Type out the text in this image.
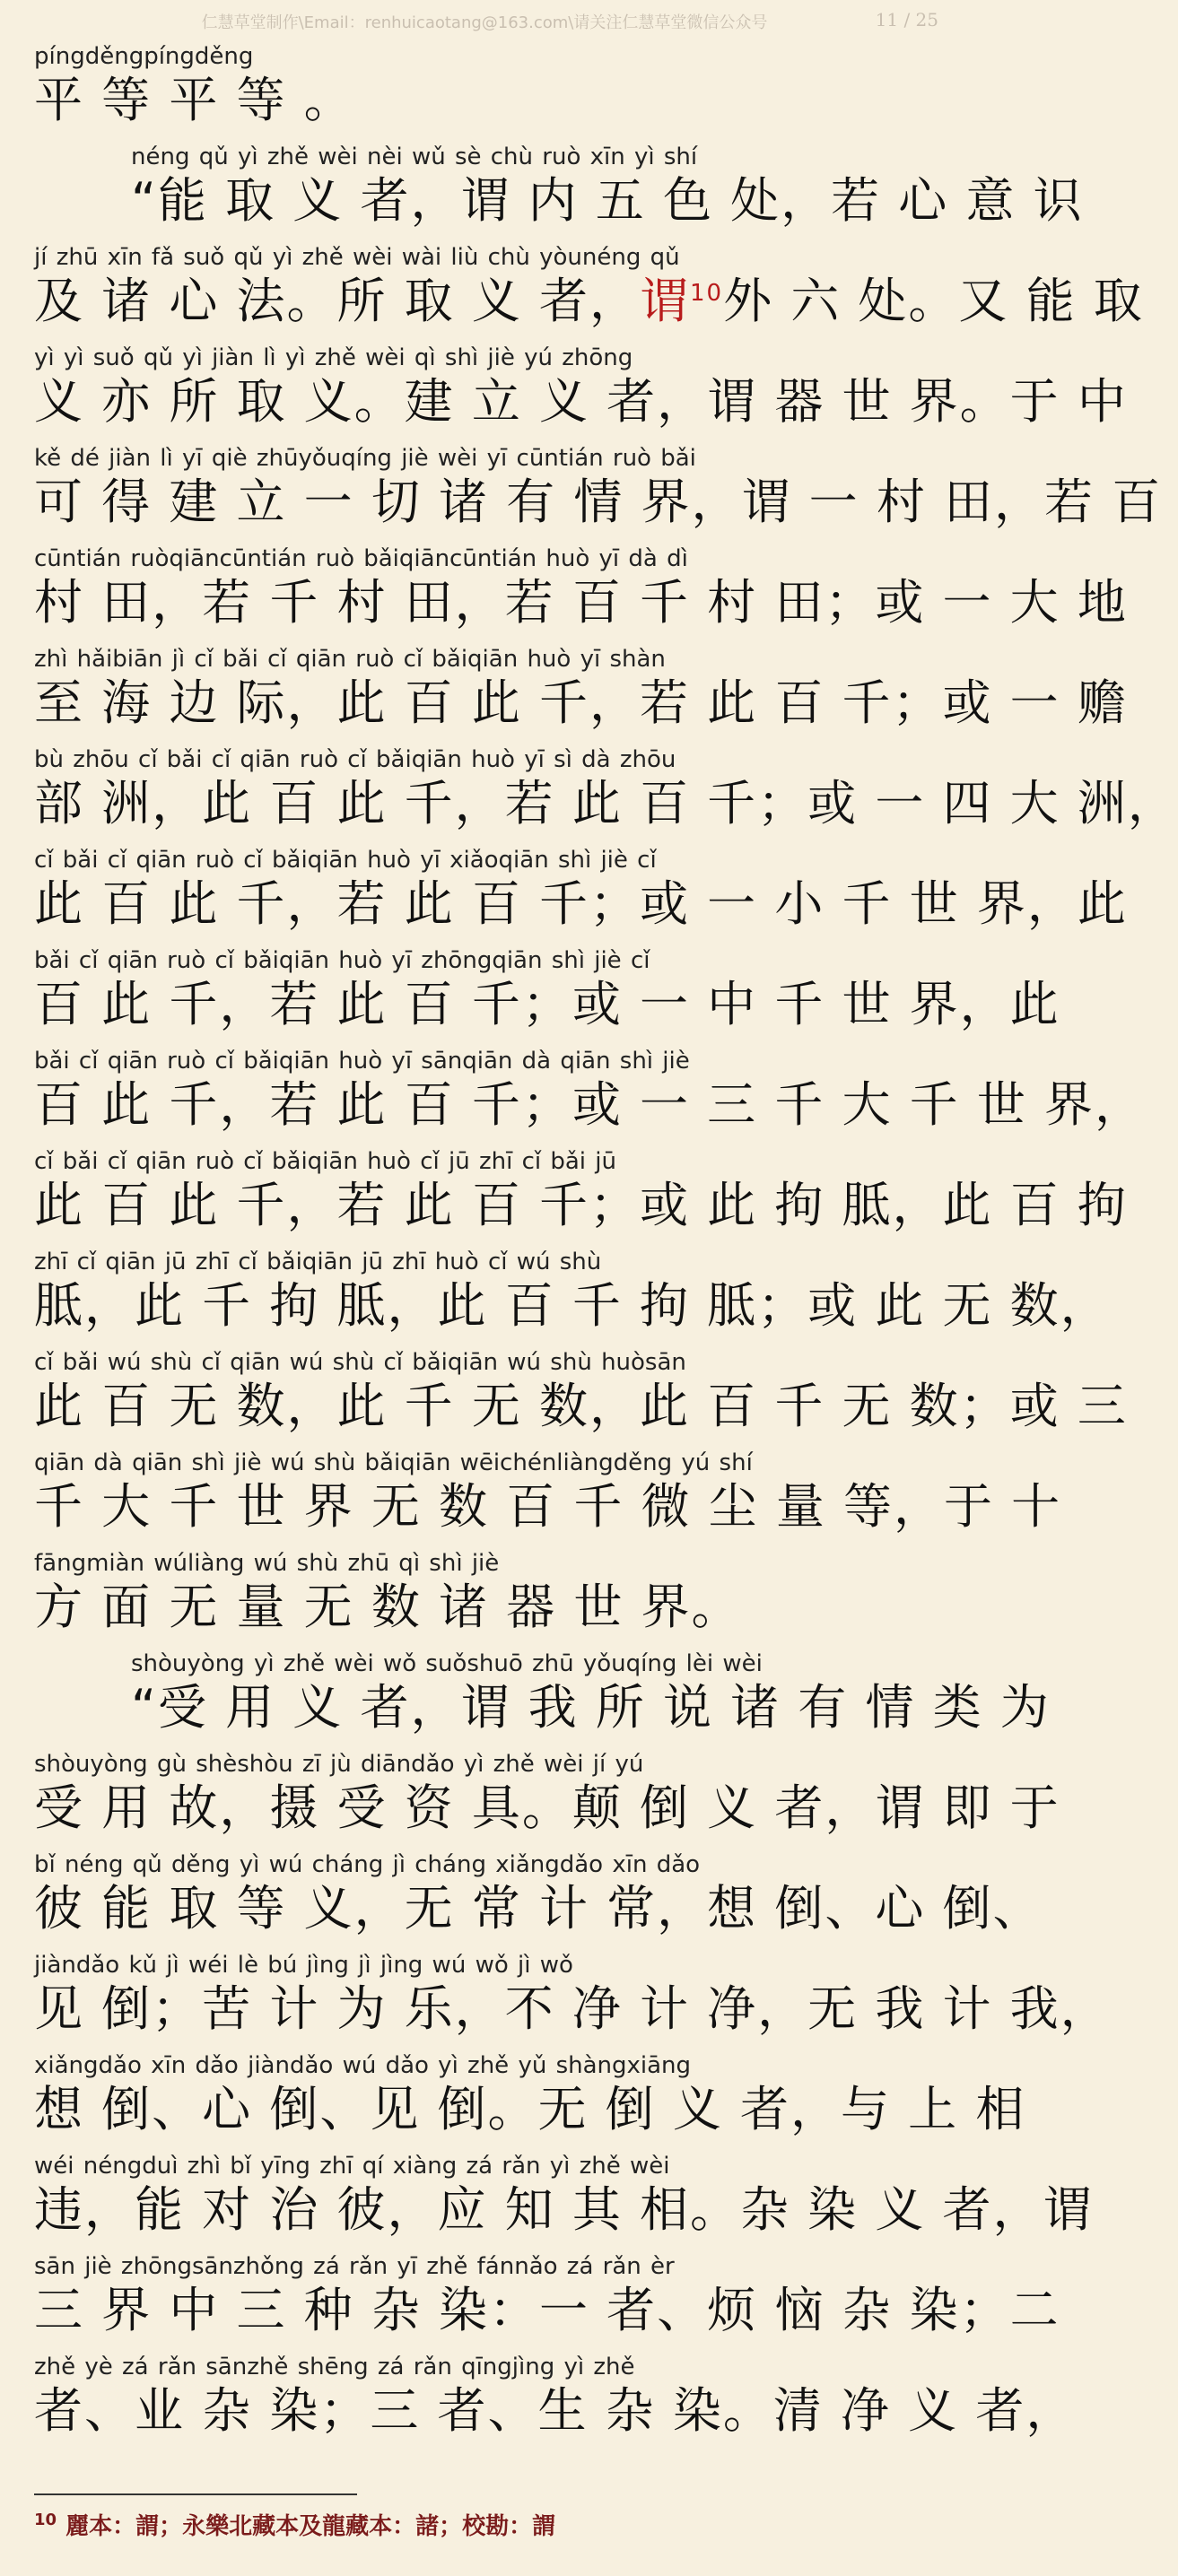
仁慧草堂制作\Email：renhuicaotang@163.com\请关注仁慧草堂微信公众号	11 / 25
píngděngpíngděng
平 等 平 等 。
néng qǔ yì zhě wèi nèi wǔ sè chù ruò xīn yì shí
“能 取 义 者，谓 内 五 色 处，若 心 意 识
jí zhū xīn fǎ suǒ qǔ yì zhě wèi wài liù chù yòunéng qǔ
及 诸 心 法。所 取 义 者，谓$^{10}$外 六 处。又 能 取
yì yì suǒ qǔ yì jiàn lì yì zhě wèi qì shì jiè yú zhōng
义 亦 所 取 义。建 立 义 者，谓 器 世 界。于 中
kě dé jiàn lì yī qiè zhūyǒuqíng jiè wèi yī cūntián ruò bǎi
可 得 建 立 一 切 诸 有 情 界，谓 一 村 田，若 百
cūntián ruòqiāncūntián ruò bǎiqiāncūntián huò yī dà dì
村 田，若 千 村 田，若 百 千 村 田；或 一 大 地
zhì hǎibiān jì cǐ bǎi cǐ qiān ruò cǐ bǎiqiān huò yī shàn
至 海 边 际，此 百 此 千，若 此 百 千；或 一 赡
bù zhōu cǐ bǎi cǐ qiān ruò cǐ bǎiqiān huò yī sì dà zhōu
部 洲，此 百 此 千，若 此 百 千；或 一 四 大 洲，
cǐ bǎi cǐ qiān ruò cǐ bǎiqiān huò yī xiǎoqiān shì jiè cǐ
此 百 此 千，若 此 百 千；或 一 小 千 世 界，此
bǎi cǐ qiān ruò cǐ bǎiqiān huò yī zhōngqiān shì jiè cǐ
百 此 千，若 此 百 千；或 一 中 千 世 界，此
bǎi cǐ qiān ruò cǐ bǎiqiān huò yī sānqiān dà qiān shì jiè
百 此 千，若 此 百 千；或 一 三 千 大 千 世 界，
cǐ bǎi cǐ qiān ruò cǐ bǎiqiān huò cǐ jū zhī cǐ bǎi jū
此 百 此 千，若 此 百 千；或 此 拘 胝，此 百 拘
zhī cǐ qiān jū zhī cǐ bǎiqiān jū zhī huò cǐ wú shù
胝，此 千 拘 胝，此 百 千 拘 胝；或 此 无 数，
cǐ bǎi wú shù cǐ qiān wú shù cǐ bǎiqiān wú shù huòsān
此 百 无 数，此 千 无 数，此 百 千 无 数；或 三
qiān dà qiān shì jiè wú shù bǎiqiān wēichénliàngděng yú shí
千 大 千 世 界 无 数 百 千 微 尘 量 等，于 十
fāngmiàn wúliàng wú shù zhū qì shì jiè
方 面 无 量 无 数 诸 器 世 界。
shòuyòng yì zhě wèi wǒ suǒshuō zhū yǒuqíng lèi wèi
“受 用 义 者，谓 我 所 说 诸 有 情 类 为
shòuyòng gù shèshòu zī jù diāndǎo yì zhě wèi jí yú
受 用 故，摄 受 资 具。颠 倒 义 者，谓 即 于
bǐ néng qǔ děng yì wú cháng jì cháng xiǎngdǎo xīn dǎo
彼 能 取 等 义，无 常 计 常，想 倒、心 倒、
jiàndǎo kǔ jì wéi lè bú jìng jì jìng wú wǒ jì wǒ
见 倒；苦 计 为 乐，不 净 计 净，无 我 计 我，
xiǎngdǎo xīn dǎo jiàndǎo wú dǎo yì zhě yǔ shàngxiāng
想 倒、心 倒、见 倒。无 倒 义 者，与 上 相
wéi néngduì zhì bǐ yīng zhī qí xiàng zá rǎn yì zhě wèi
违，能 对 治 彼，应 知 其 相。杂 染 义 者，谓
sān jiè zhōngsānzhǒng zá rǎn yī zhě fánnǎo zá rǎn èr
三 界 中 三 种 杂 染：一 者、烦 恼 杂 染；二
zhě yè zá rǎn sānzhě shēng zá rǎn qīngjìng yì zhě
者、业 杂 染；三 者、生 杂 染。清 净 义 者，
$^{10}$ 麗本：謂；永樂北藏本及龍藏本：諸；校勘：謂
